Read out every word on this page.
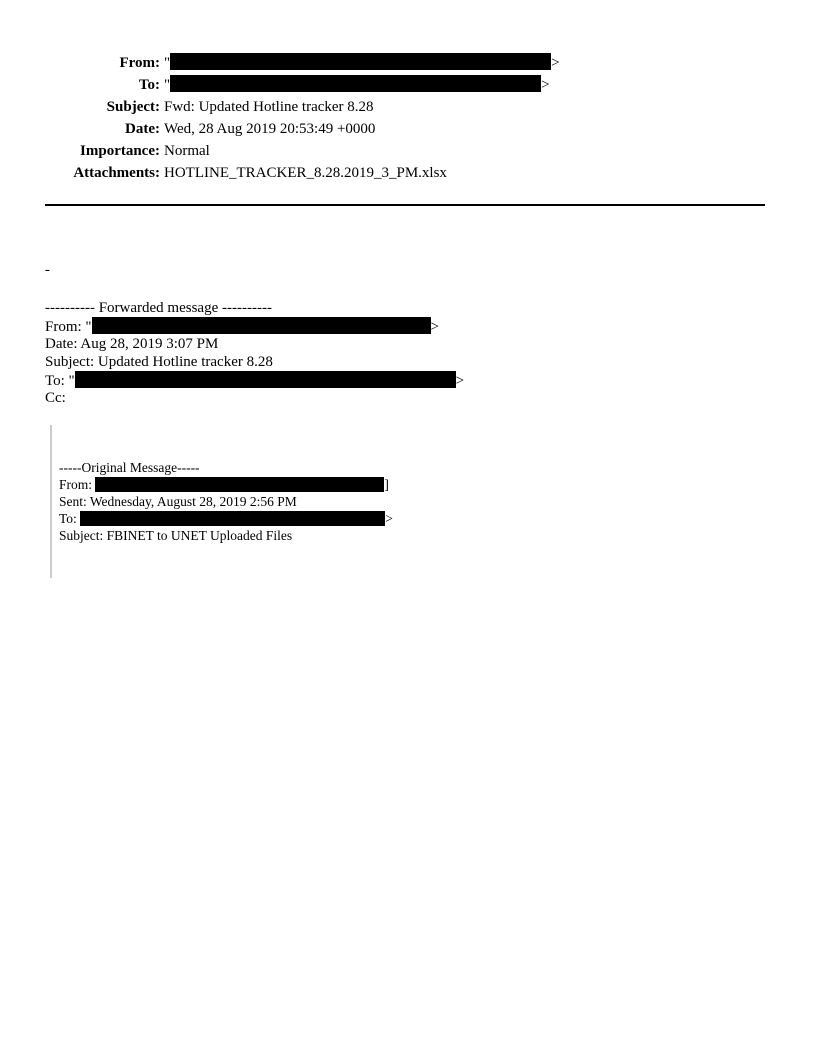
From: "	>
To: "	>
Subject: Fwd: Updated Hotline tracker 8.28
Date: Wed, 28 Aug 2019 20:53:49 +0000
Importance: Normal
Attachments: HOTLINE_TRACKER_8.28.2019_3_PM.xlsx
-
---------- Forwarded message ----------
From: "	>
Date: Aug 28, 2019 3:07 PM
Subject: Updated Hotline tracker 8.28
To: "	>
Cc:
-----Original Message-----
From:	]
Sent: Wednesday, August 28, 2019 2:56 PM
To:	>
Subject: FBINET to UNET Uploaded Files
